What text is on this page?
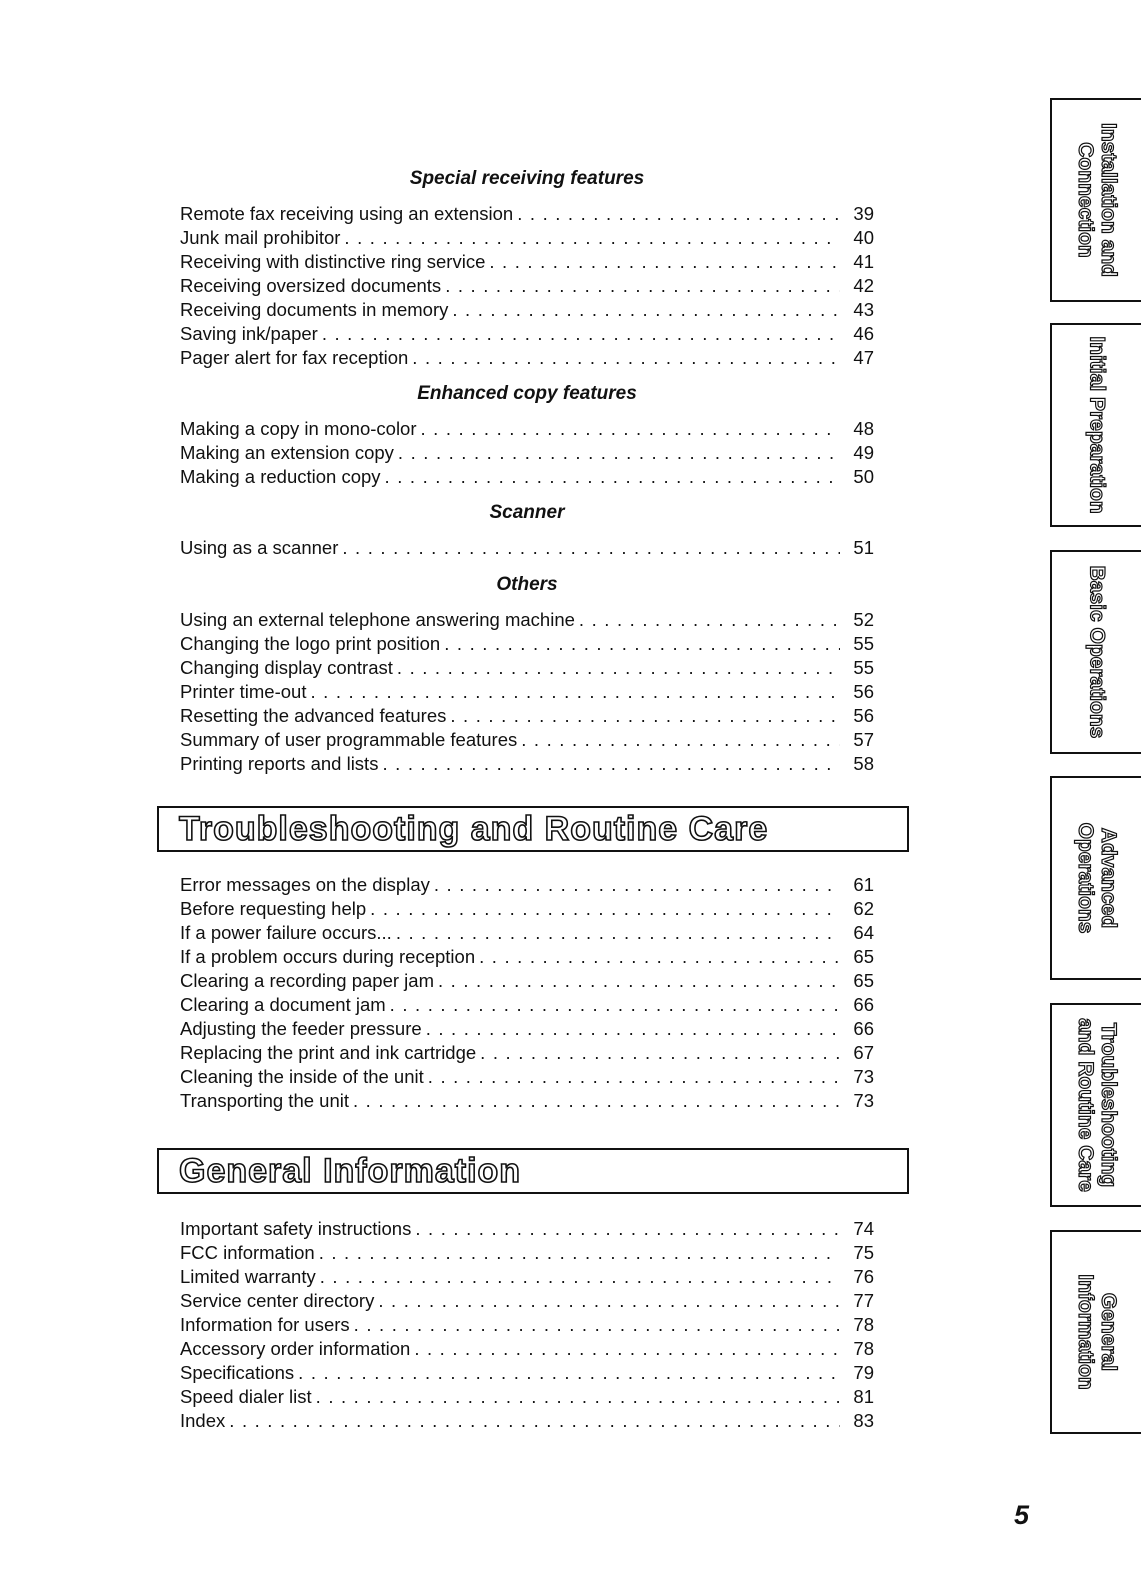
Special receiving features
Remote fax receiving using an extension . . .	39
Junk mail prohibitor . . .	40
Receiving with distinctive ring service . . .	41
Receiving oversized documents . . .	42
Receiving documents in memory . . .	43
Saving ink/paper . . .	46
Pager alert for fax reception . . .	47
Enhanced copy features
Making a copy in mono-color . . .	48
Making an extension copy . . .	49
Making a reduction copy . . .	50
Scanner
Using as a scanner . . .	51
Others
Using an external telephone answering machine . . .	52
Changing the logo print position . . .	55
Changing display contrast . . .	55
Printer time-out . . .	56
Resetting the advanced features . . .	56
Summary of user programmable features . . .	57
Printing reports and lists . . .	58
Troubleshooting and Routine Care
Error messages on the display . . .	61
Before requesting help . . .	62
If a power failure occurs... . . .	64
If a problem occurs during reception . . .	65
Clearing a recording paper jam . . .	65
Clearing a document jam . . .	66
Adjusting the feeder pressure . . .	66
Replacing the print and ink cartridge . . .	67
Cleaning the inside of the unit . . .	73
Transporting the unit . . .	73
General Information
Important safety instructions . . .	74
FCC information . . .	75
Limited warranty . . .	76
Service center directory . . .	77
Information for users . . .	78
Accessory order information . . .	78
Specifications . . .	79
Speed dialer list . . .	81
Index . . .	83
Installation and
Connection
Initial Preparation
Basic Operations
Advanced
Operations
Troubleshooting
and Routine Care
General
Information
5
